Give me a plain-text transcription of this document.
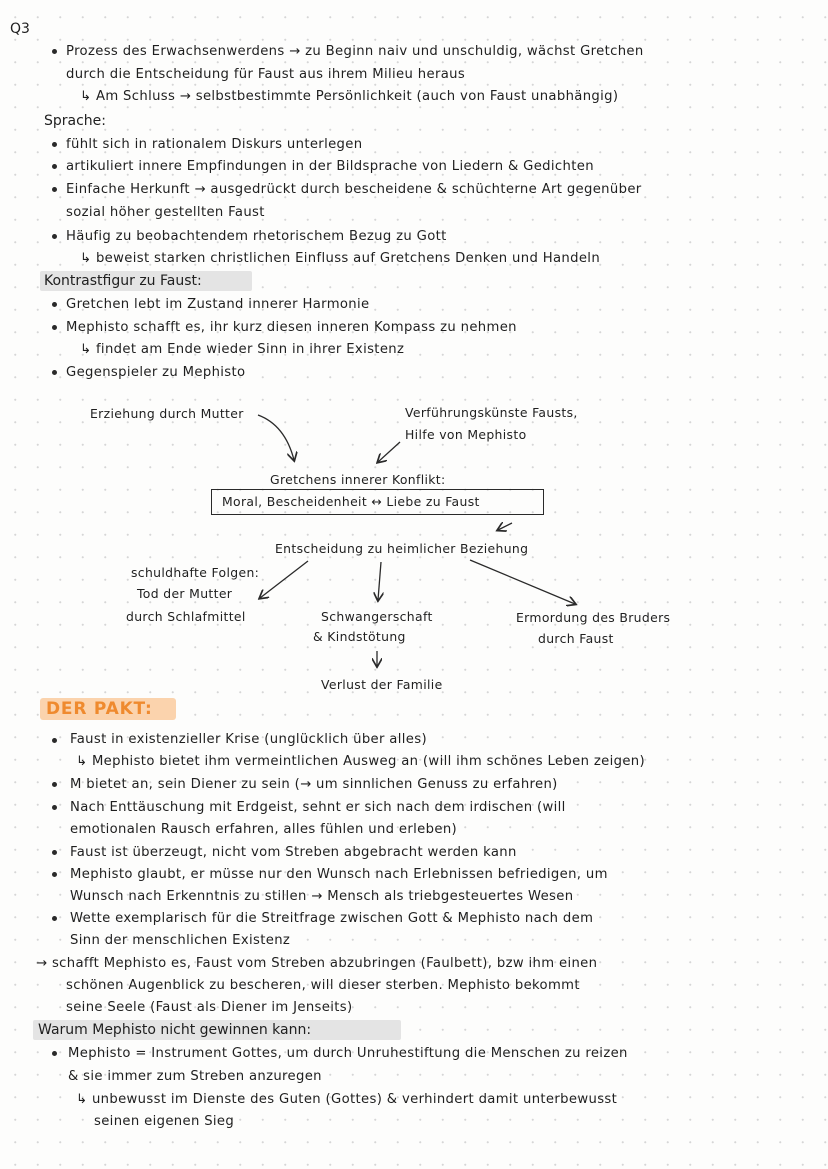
Q3
Prozess des Erwachsenwerdens → zu Beginn naiv und unschuldig, wächst Gretchen
durch die Entscheidung für Faust aus ihrem Milieu heraus
↳ Am Schluss → selbstbestimmte Persönlichkeit (auch von Faust unabhängig)
Sprache:
fühlt sich in rationalem Diskurs unterlegen
artikuliert innere Empfindungen in der Bildsprache von Liedern & Gedichten
Einfache Herkunft → ausgedrückt durch bescheidene & schüchterne Art gegenüber
sozial höher gestellten Faust
Häufig zu beobachtendem rhetorischem Bezug zu Gott
↳ beweist starken christlichen Einfluss auf Gretchens Denken und Handeln
Kontrastfigur zu Faust:
Gretchen lebt im Zustand innerer Harmonie
Mephisto schafft es, ihr kurz diesen inneren Kompass zu nehmen
↳ findet am Ende wieder Sinn in ihrer Existenz
Gegenspieler zu Mephisto
Erziehung durch Mutter	Verführungskünste Fausts,
Hilfe von Mephisto
Gretchens innerer Konflikt:
Moral, Bescheidenheit ↔ Liebe zu Faust
Entscheidung zu heimlicher Beziehung
schuldhafte Folgen:
Tod der Mutter
durch Schlafmittel	Schwangerschaft
& Kindstötung
Ermordung des Bruders
durch Faust
Verlust der Familie
DER PAKT:
Faust in existenzieller Krise (unglücklich über alles)
↳ Mephisto bietet ihm vermeintlichen Ausweg an (will ihm schönes Leben zeigen)
M bietet an, sein Diener zu sein (→ um sinnlichen Genuss zu erfahren)
Nach Enttäuschung mit Erdgeist, sehnt er sich nach dem irdischen (will
emotionalen Rausch erfahren, alles fühlen und erleben)
Faust ist überzeugt, nicht vom Streben abgebracht werden kann
Mephisto glaubt, er müsse nur den Wunsch nach Erlebnissen befriedigen, um
Wunsch nach Erkenntnis zu stillen → Mensch als triebgesteuertes Wesen
Wette exemplarisch für die Streitfrage zwischen Gott & Mephisto nach dem
Sinn der menschlichen Existenz
→ schafft Mephisto es, Faust vom Streben abzubringen (Faulbett), bzw ihm einen
schönen Augenblick zu bescheren, will dieser sterben. Mephisto bekommt
seine Seele (Faust als Diener im Jenseits)
Warum Mephisto nicht gewinnen kann:
Mephisto = Instrument Gottes, um durch Unruhestiftung die Menschen zu reizen
& sie immer zum Streben anzuregen
↳ unbewusst im Dienste des Guten (Gottes) & verhindert damit unterbewusst
seinen eigenen Sieg
